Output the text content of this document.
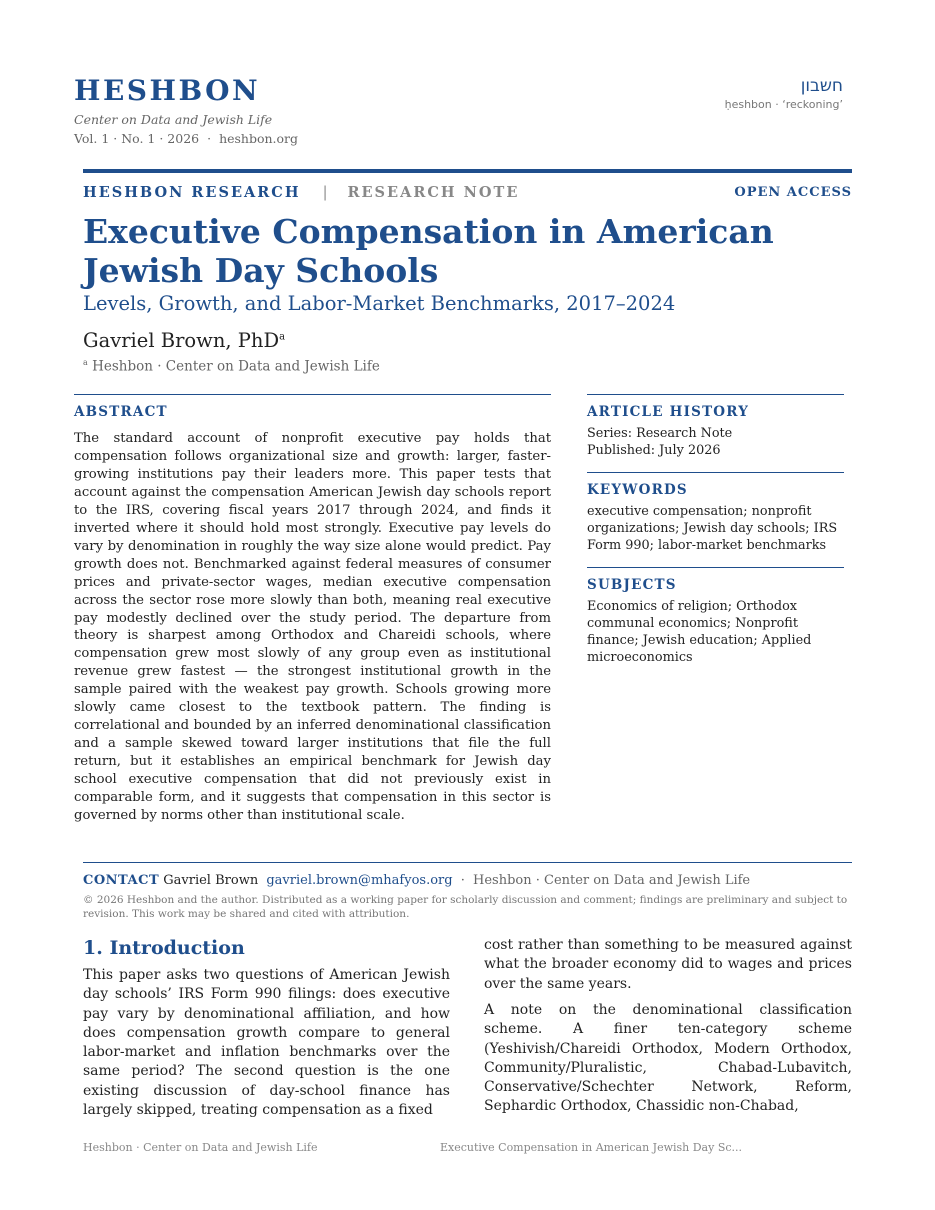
HESHBON
Center on Data and Jewish Life
Vol. 1 · No. 1 · 2026 · heshbon.org
חשבון
ḥeshbon · ‘reckoning’
HESHBON RESEARCH | RESEARCH NOTE	OPEN ACCESS
Executive Compensation in American Jewish Day Schools
Levels, Growth, and Labor-Market Benchmarks, 2017–2024
Gavriel Brown, PhD$^a$
$^a$ Heshbon · Center on Data and Jewish Life
ABSTRACT

The standard account of nonprofit executive pay holds that compensation follows organizational size and growth: larger, faster-growing institutions pay their leaders more. This paper tests that account against the compensation American Jewish day schools report to the IRS, covering fiscal years 2017 through 2024, and finds it inverted where it should hold most strongly. Executive pay levels do vary by denomination in roughly the way size alone would predict. Pay growth does not. Benchmarked against federal measures of consumer prices and private-sector wages, median executive compensation across the sector rose more slowly than both, meaning real executive pay modestly declined over the study period. The departure from theory is sharpest among Orthodox and Chareidi schools, where compensation grew most slowly of any group even as institutional revenue grew fastest — the strongest institutional growth in the sample paired with the weakest pay growth. Schools growing more slowly came closest to the textbook pattern. The finding is correlational and bounded by an inferred denominational classification and a sample skewed toward larger institutions that file the full return, but it establishes an empirical benchmark for Jewish day school executive compensation that did not previously exist in comparable form, and it suggests that compensation in this sector is governed by norms other than institutional scale.

ARTICLE HISTORY
Series: Research Note
Published: July 2026
KEYWORDS
executive compensation; nonprofit organizations; Jewish day schools; IRS Form 990; labor-market benchmarks
SUBJECTS
Economics of religion; Orthodox communal economics; Nonprofit finance; Jewish education; Applied microeconomics
CONTACT Gavriel Brown gavriel.brown@mhafyos.org · Heshbon · Center on Data and Jewish Life

© 2026 Heshbon and the author. Distributed as a working paper for scholarly discussion and comment; findings are preliminary and subject to revision. This work may be shared and cited with attribution.

1. Introduction

This paper asks two questions of American Jewish day schools’ IRS Form 990 filings: does executive pay vary by denominational affiliation, and how does compensation growth compare to general labor-market and inflation benchmarks over the same period? The second question is the one existing discussion of day-school finance has largely skipped, treating compensation as a fixed

cost rather than something to be measured against what the broader economy did to wages and prices over the same years.

A note on the denominational classification scheme. A finer ten-category scheme (Yeshivish/Chareidi Orthodox, Modern Orthodox, Community/Pluralistic, Chabad-Lubavitch, Conservative/Schechter Network, Reform, Sephardic Orthodox, Chassidic non-Chabad,

Heshbon · Center on Data and Jewish Life	Executive Compensation in American Jewish Day Sc...
